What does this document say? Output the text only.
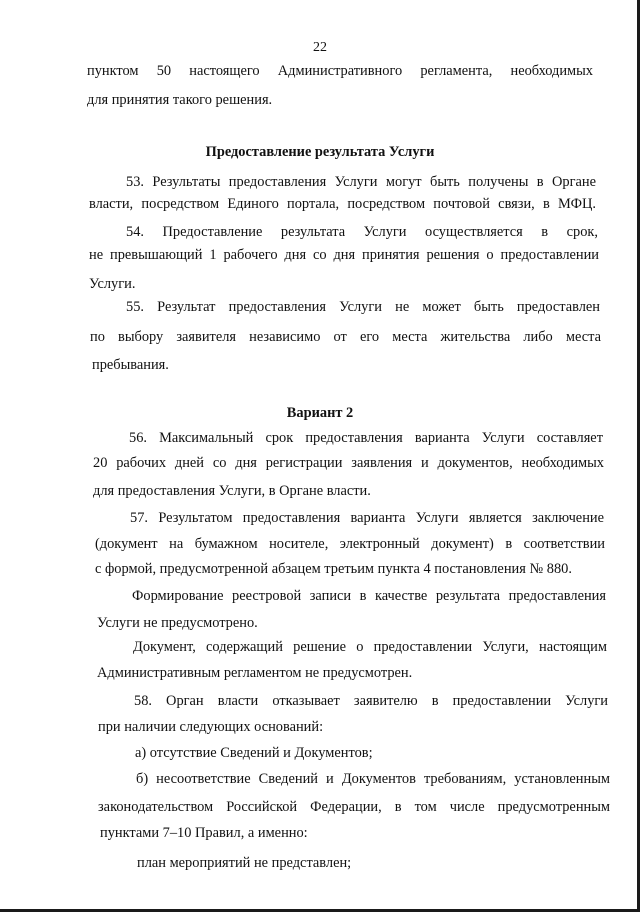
22
пунктом 50 настоящего Административного регламента, необходимых
для принятия такого решения.
Предоставление результата Услуги
53. Результаты предоставления Услуги могут быть получены в Органе
власти, посредством Единого портала, посредством почтовой связи, в МФЦ.
54. Предоставление результата Услуги осуществляется в срок,
не превышающий 1 рабочего дня со дня принятия решения о предоставлении
Услуги.
55. Результат предоставления Услуги не может быть предоставлен
по выбору заявителя независимо от его места жительства либо места
пребывания.
Вариант 2
56. Максимальный срок предоставления варианта Услуги составляет
20 рабочих дней со дня регистрации заявления и документов, необходимых
для предоставления Услуги, в Органе власти.
57. Результатом предоставления варианта Услуги является заключение
(документ на бумажном носителе, электронный документ) в соответствии
с формой, предусмотренной абзацем третьим пункта 4 постановления № 880.
Формирование реестровой записи в качестве результата предоставления
Услуги не предусмотрено.
Документ, содержащий решение о предоставлении Услуги, настоящим
Административным регламентом не предусмотрен.
58. Орган власти отказывает заявителю в предоставлении Услуги
при наличии следующих оснований:
а) отсутствие Сведений и Документов;
б) несоответствие Сведений и Документов требованиям, установленным
законодательством Российской Федерации, в том числе предусмотренным
пунктами 7–10 Правил, а именно:
план мероприятий не представлен;
